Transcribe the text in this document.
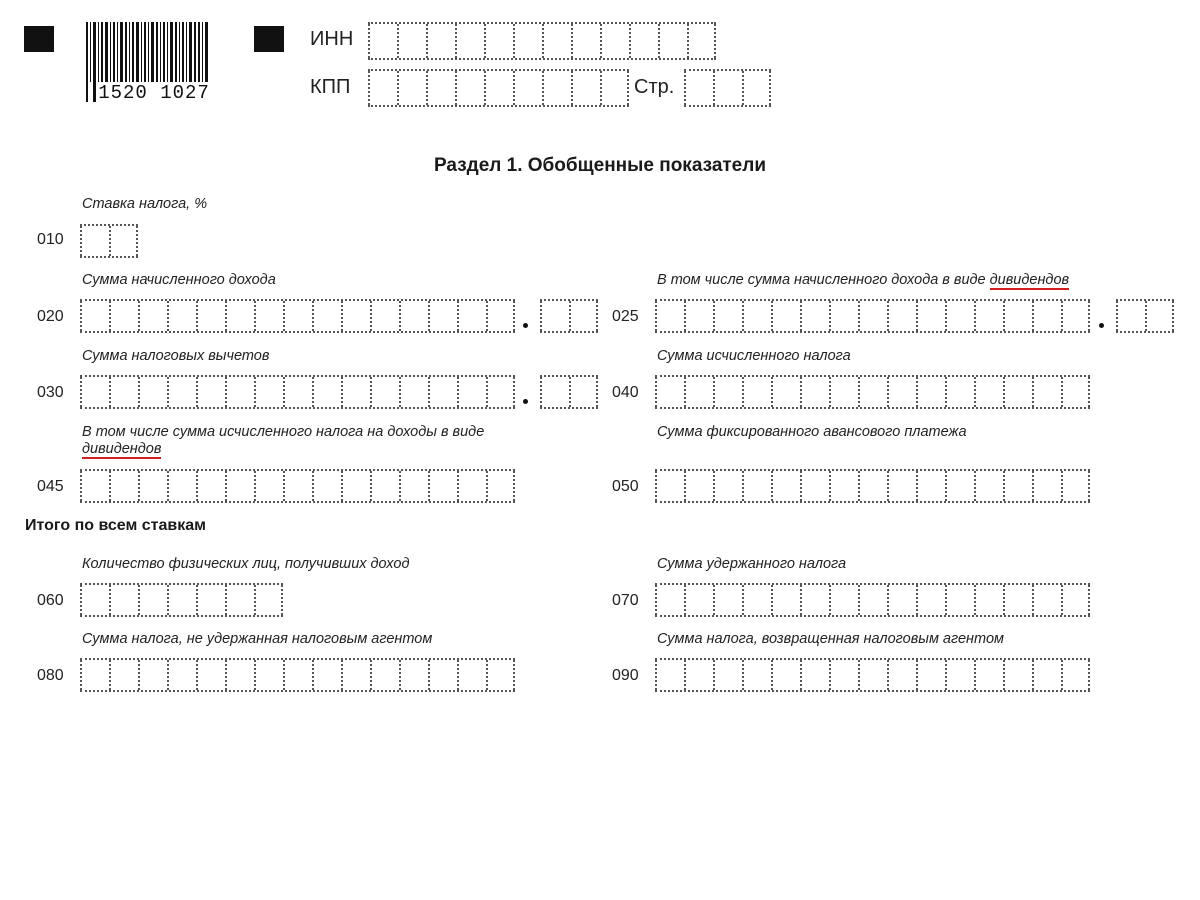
1520 1027
ИНН
КПП	Стр.
Раздел 1. Обобщенные показатели
Ставка налога, %
010
Сумма начисленного дохода
020
В том числе сумма начисленного дохода в виде дивидендов
025
Сумма налоговых вычетов
030
Сумма исчисленного налога
040
В том числе сумма исчисленного налога на доходы в виде
дивидендов
045
Сумма фиксированного авансового платежа
050
Итого по всем ставкам
Количество физических лиц, получивших доход
060
Сумма удержанного налога
070
Сумма налога, не удержанная налоговым агентом
080
Сумма налога, возвращенная налоговым агентом
090
